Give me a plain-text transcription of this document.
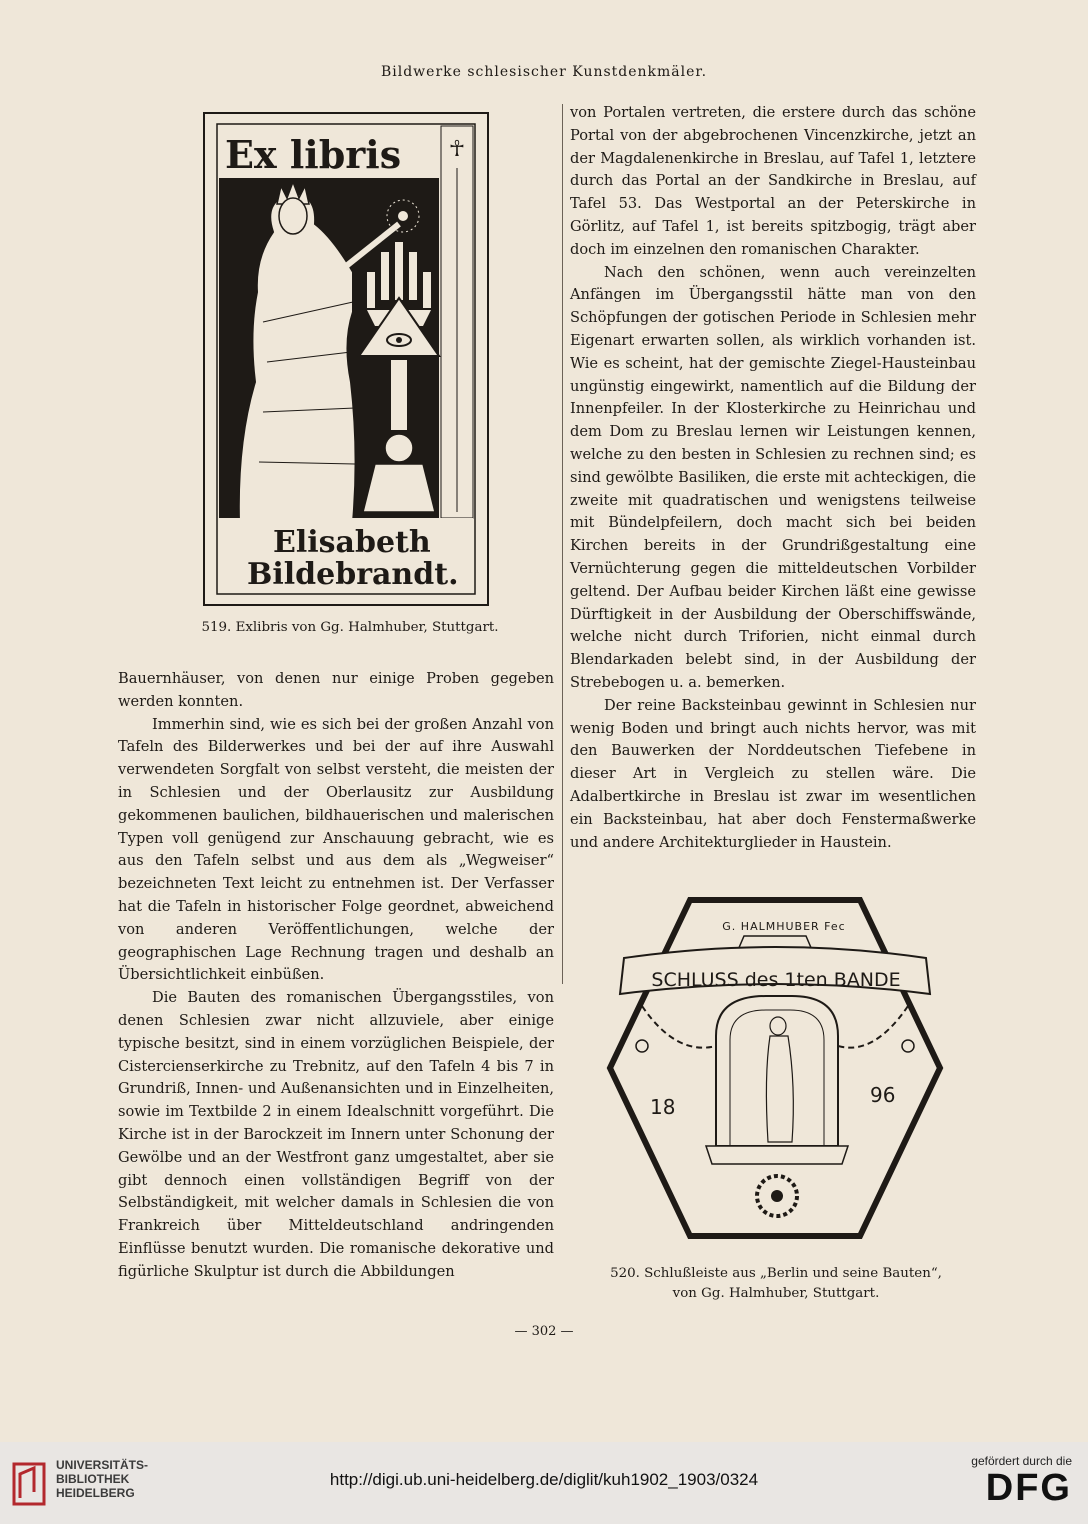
Bildwerke schlesischer Kunstdenkmäler.
☥
Ex libris
Elisabeth
Bildebrandt.
519. Exlibris von Gg. Halmhuber, Stuttgart.

von Portalen vertreten, die erstere durch das schöne Portal von der abgebrochenen Vincenzkirche, jetzt an der Magdalenenkirche in Breslau, auf Tafel 1, letztere durch das Portal an der Sandkirche in Breslau, auf Tafel 53. Das Westportal an der Peterskirche in Görlitz, auf Tafel 1, ist bereits spitzbogig, trägt aber doch im einzelnen den romanischen Charakter.

Nach den schönen, wenn auch vereinzelten Anfängen im Übergangsstil hätte man von den Schöpfungen der gotischen Periode in Schlesien mehr Eigenart erwarten sollen, als wirklich vorhanden ist. Wie es scheint, hat der gemischte Ziegel-Hausteinbau ungünstig eingewirkt, namentlich auf die Bildung der Innenpfeiler. In der Klosterkirche zu Heinrichau und dem Dom zu Breslau lernen wir Leistungen kennen, welche zu den besten in Schlesien zu rechnen sind; es sind gewölbte Basiliken, die erste mit achteckigen, die zweite mit quadratischen und wenigstens teilweise mit Bündelpfeilern, doch macht sich bei beiden Kirchen bereits in der Grundrißgestaltung eine Vernüchterung gegen die mitteldeutschen Vorbilder geltend. Der Aufbau beider Kirchen läßt eine gewisse Dürftigkeit in der Ausbildung der Oberschiffswände, welche nicht durch Triforien, nicht einmal durch Blendarkaden belebt sind, in der Ausbildung der Strebebogen u. a. bemerken.

Der reine Backsteinbau gewinnt in Schlesien nur wenig Boden und bringt auch nichts hervor, was mit den Bauwerken der Norddeutschen Tiefebene in dieser Art in Vergleich zu stellen wäre. Die Adalbertkirche in Breslau ist zwar im wesentlichen ein Backsteinbau, hat aber doch Fenstermaßwerke und andere Architekturglieder in Haustein.

Bauernhäuser, von denen nur einige Proben gegeben werden konnten.

Immerhin sind, wie es sich bei der großen Anzahl von Tafeln des Bilderwerkes und bei der auf ihre Auswahl verwendeten Sorgfalt von selbst versteht, die meisten der in Schlesien und der Oberlausitz zur Ausbildung gekommenen baulichen, bildhauerischen und malerischen Typen voll genügend zur Anschauung gebracht, wie es aus den Tafeln selbst und aus dem als „Wegweiser“ bezeichneten Text leicht zu entnehmen ist. Der Verfasser hat die Tafeln in historischer Folge geordnet, abweichend von anderen Veröffentlichungen, welche der geographischen Lage Rechnung tragen und deshalb an Übersichtlichkeit einbüßen.

Die Bauten des romanischen Übergangsstiles, von denen Schlesien zwar nicht allzuviele, aber einige typische besitzt, sind in einem vorzüglichen Beispiele, der Cistercienserkirche zu Trebnitz, auf den Tafeln 4 bis 7 in Grundriß, Innen- und Außenansichten und in Einzelheiten, sowie im Textbilde 2 in einem Idealschnitt vorgeführt. Die Kirche ist in der Barockzeit im Innern unter Schonung der Gewölbe und an der Westfront ganz umgestaltet, aber sie gibt dennoch einen vollständigen Begriff von der Selbständigkeit, mit welcher damals in Schlesien die von Frankreich über Mitteldeutschland andringenden Einflüsse benutzt wurden. Die romanische dekorative und figürliche Skulptur ist durch die Abbildungen

G. HALMHUBER Fec
SCHLUSS des 1ten BANDE
18	96
520. Schlußleiste aus „Berlin und seine Bauten“,
von Gg. Halmhuber, Stuttgart.
— 302 —
UNIVERSITÄTS-
BIBLIOTHEK
HEIDELBERG
http://digi.ub.uni-heidelberg.de/diglit/kuh1902_1903/0324
gefördert durch die
DFG
